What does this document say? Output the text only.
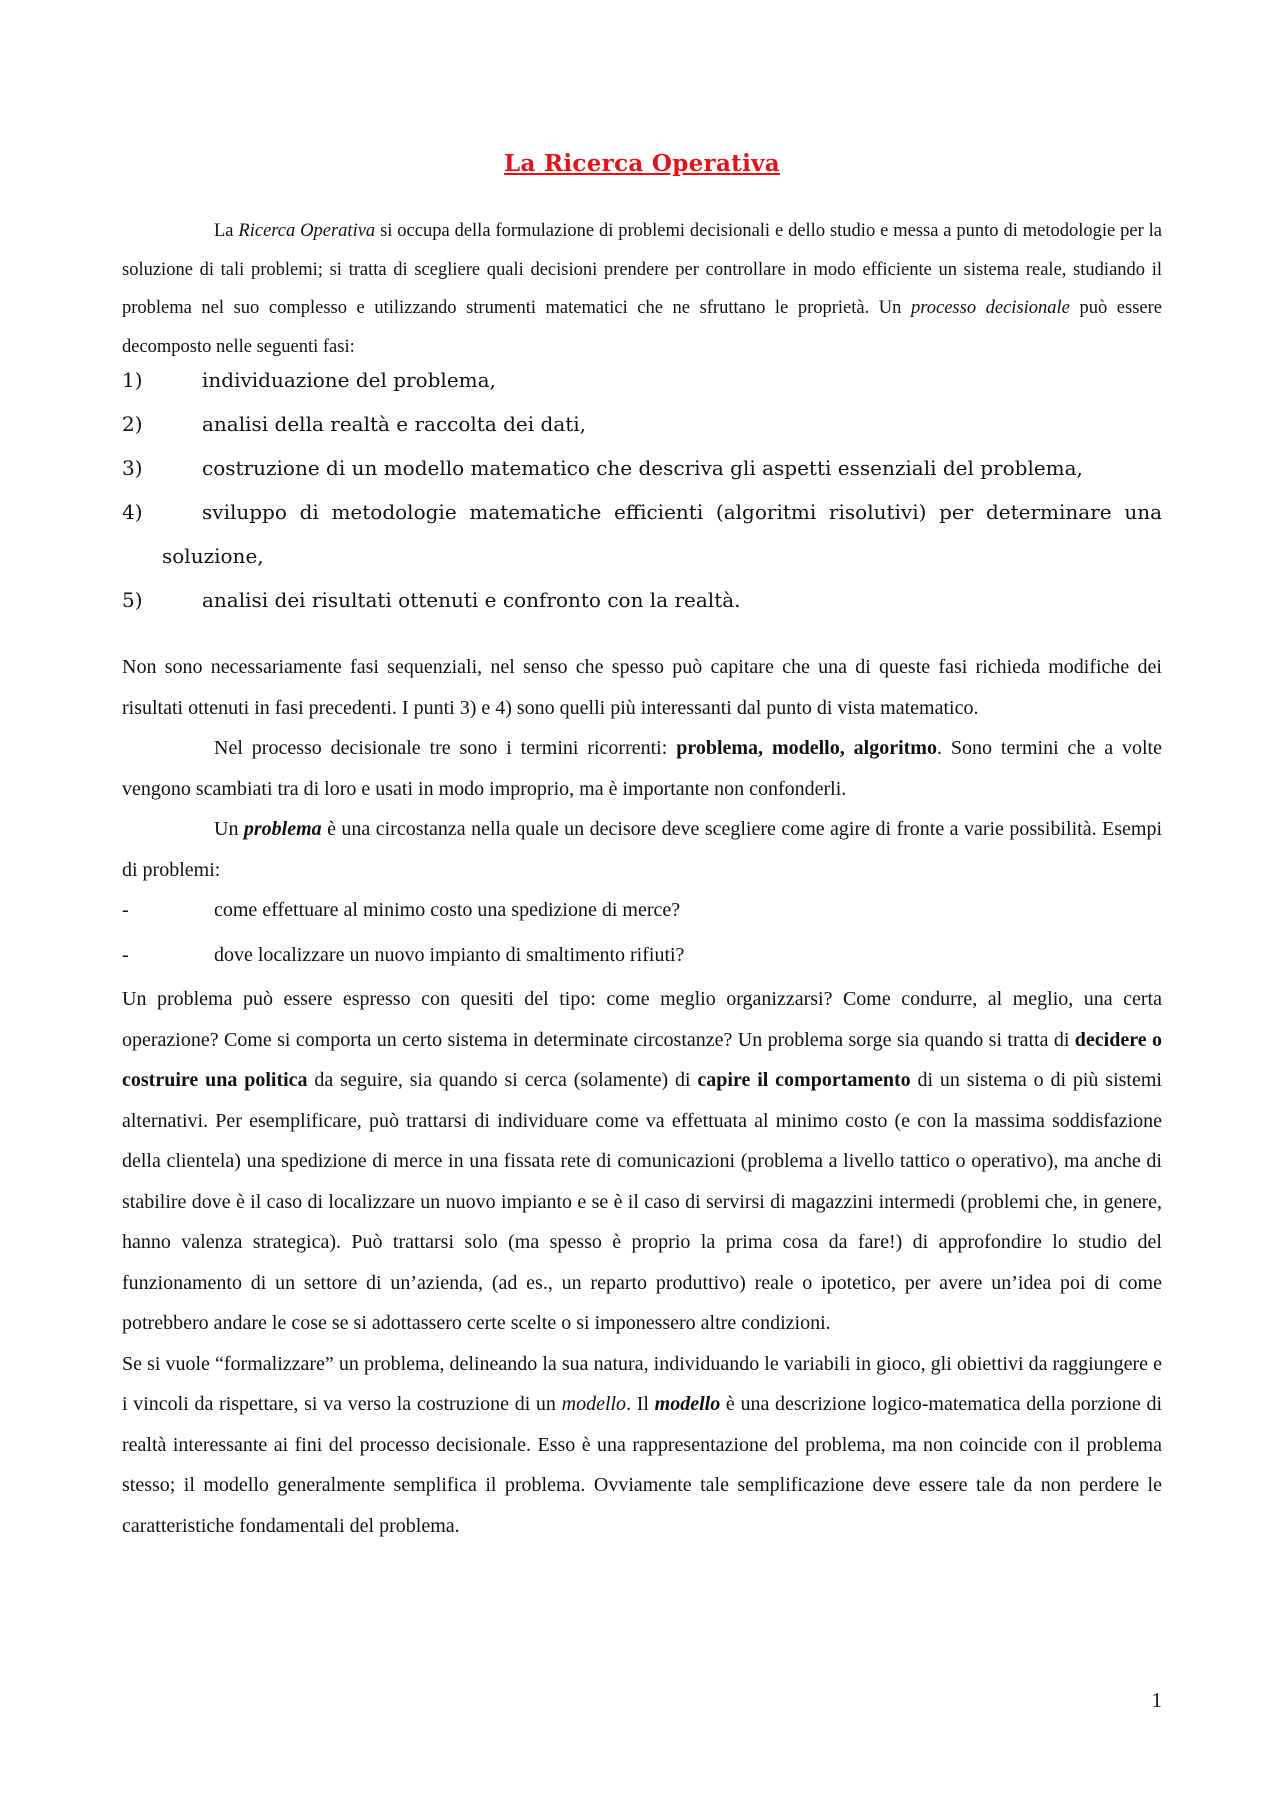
La Ricerca Operativa
La Ricerca Operativa si occupa della formulazione di problemi decisionali e dello studio e messa a punto di metodologie per la soluzione di tali problemi; si tratta di scegliere quali decisioni prendere per controllare in modo efficiente un sistema reale, studiando il problema nel suo complesso e utilizzando strumenti matematici che ne sfruttano le proprietà. Un processo decisionale può essere decomposto nelle seguenti fasi:
1)	individuazione del problema,
2)	analisi della realtà e raccolta dei dati,
3)	costruzione di un modello matematico che descriva gli aspetti essenziali del problema,
4)	sviluppo di metodologie matematiche efficienti (algoritmi risolutivi) per determinare una
soluzione,
5)	analisi dei risultati ottenuti e confronto con la realtà.

Non sono necessariamente fasi sequenziali, nel senso che spesso può capitare che una di queste fasi richieda modifiche dei risultati ottenuti in fasi precedenti. I punti 3) e 4) sono quelli più interessanti dal punto di vista matematico.

Nel processo decisionale tre sono i termini ricorrenti: problema, modello, algoritmo. Sono termini che a volte vengono scambiati tra di loro e usati in modo improprio, ma è importante non confonderli.

Un problema è una circostanza nella quale un decisore deve scegliere come agire di fronte a varie possibilità. Esempi di problemi:

-	come effettuare al minimo costo una spedizione di merce?

-	dove localizzare un nuovo impianto di smaltimento rifiuti?

Un problema può essere espresso con quesiti del tipo: come meglio organizzarsi? Come condurre, al meglio, una certa operazione? Come si comporta un certo sistema in determinate circostanze? Un problema sorge sia quando si tratta di decidere o costruire una politica da seguire, sia quando si cerca (solamente) di capire il comportamento di un sistema o di più sistemi alternativi. Per esemplificare, può trattarsi di individuare come va effettuata al minimo costo (e con la massima soddisfazione della clientela) una spedizione di merce in una fissata rete di comunicazioni (problema a livello tattico o operativo), ma anche di stabilire dove è il caso di localizzare un nuovo impianto e se è il caso di servirsi di magazzini intermedi (problemi che, in genere, hanno valenza strategica). Può trattarsi solo (ma spesso è proprio la prima cosa da fare!) di approfondire lo studio del funzionamento di un settore di un’azienda, (ad es., un reparto produttivo) reale o ipotetico, per avere un’idea poi di come potrebbero andare le cose se si adottassero certe scelte o si imponessero altre condizioni.

Se si vuole “formalizzare” un problema, delineando la sua natura, individuando le variabili in gioco, gli obiettivi da raggiungere e i vincoli da rispettare, si va verso la costruzione di un modello. Il modello è una descrizione logico-matematica della porzione di realtà interessante ai fini del processo decisionale. Esso è una rappresentazione del problema, ma non coincide con il problema stesso; il modello generalmente semplifica il problema. Ovviamente tale semplificazione deve essere tale da non perdere le caratteristiche fondamentali del problema.

1
